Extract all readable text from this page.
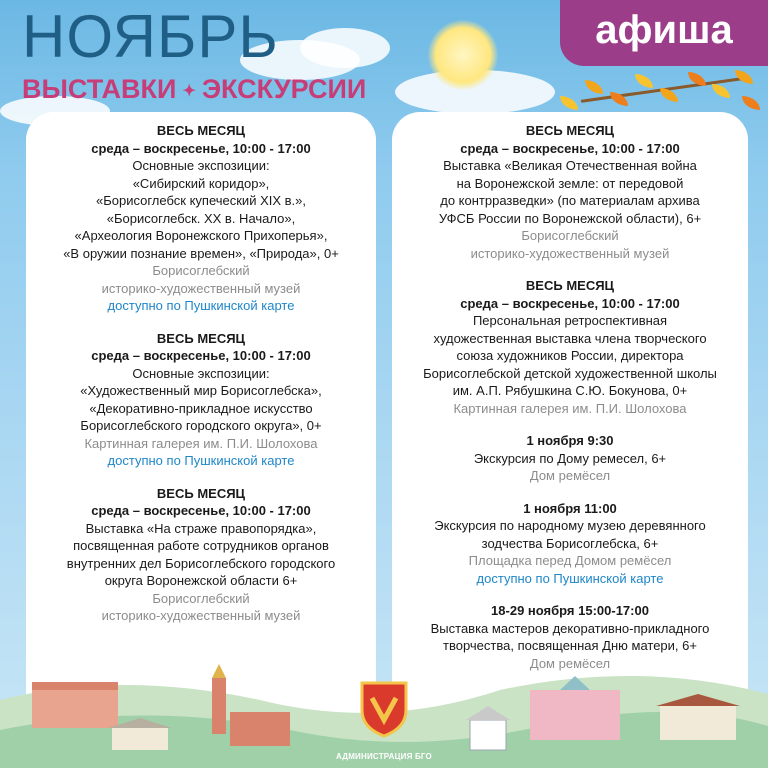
НОЯБРЬ
ВЫСТАВКИ ✦ ЭКСКУРСИИ
афиша
ВЕСЬ МЕСЯЦ
среда – воскресенье, 10:00 - 17:00
Основные экспозиции:
«Сибирский коридор»,
«Борисоглебск купеческий XIX в.»,
«Борисоглебск. XX в. Начало»,
«Археология Воронежского Прихоперья»,
«В оружии познание времен», «Природа», 0+
Борисоглебский
историко-художественный музей
доступно по Пушкинской карте
ВЕСЬ МЕСЯЦ
среда – воскресенье, 10:00 - 17:00
Основные экспозиции:
«Художественный мир Борисоглебска»,
«Декоративно-прикладное искусство
Борисоглебского городского округа», 0+
Картинная галерея им. П.И. Шолохова
доступно по Пушкинской карте
ВЕСЬ МЕСЯЦ
среда – воскресенье, 10:00 - 17:00
Выставка «На страже правопорядка»,
посвященная работе сотрудников органов
внутренних дел Борисоглебского городского
округа Воронежской области 6+
Борисоглебский
историко-художественный музей
ВЕСЬ МЕСЯЦ
среда – воскресенье, 10:00 - 17:00
Выставка «Великая Отечественная война
на Воронежской земле: от передовой
до контрразведки» (по материалам архива
УФСБ России по Воронежской области), 6+
Борисоглебский
историко-художественный музей
ВЕСЬ МЕСЯЦ
среда – воскресенье, 10:00 - 17:00
Персональная ретроспективная
художественная выставка члена творческого
союза художников России, директора
Борисоглебской детской художественной школы
им. А.П. Рябушкина С.Ю. Бокунова, 0+
Картинная галерея им. П.И. Шолохова
1 ноября 9:30
Экскурсия по Дому ремесел, 6+
Дом ремёсел
1 ноября 11:00
Экскурсия по народному музею деревянного
зодчества Борисоглебска, 6+
Площадка перед Домом ремёсел
доступно по Пушкинской карте
18-29 ноября 15:00-17:00
Выставка мастеров декоративно-прикладного
творчества, посвященная Дню матери, 6+
Дом ремёсел
АДМИНИСТРАЦИЯ БГО
